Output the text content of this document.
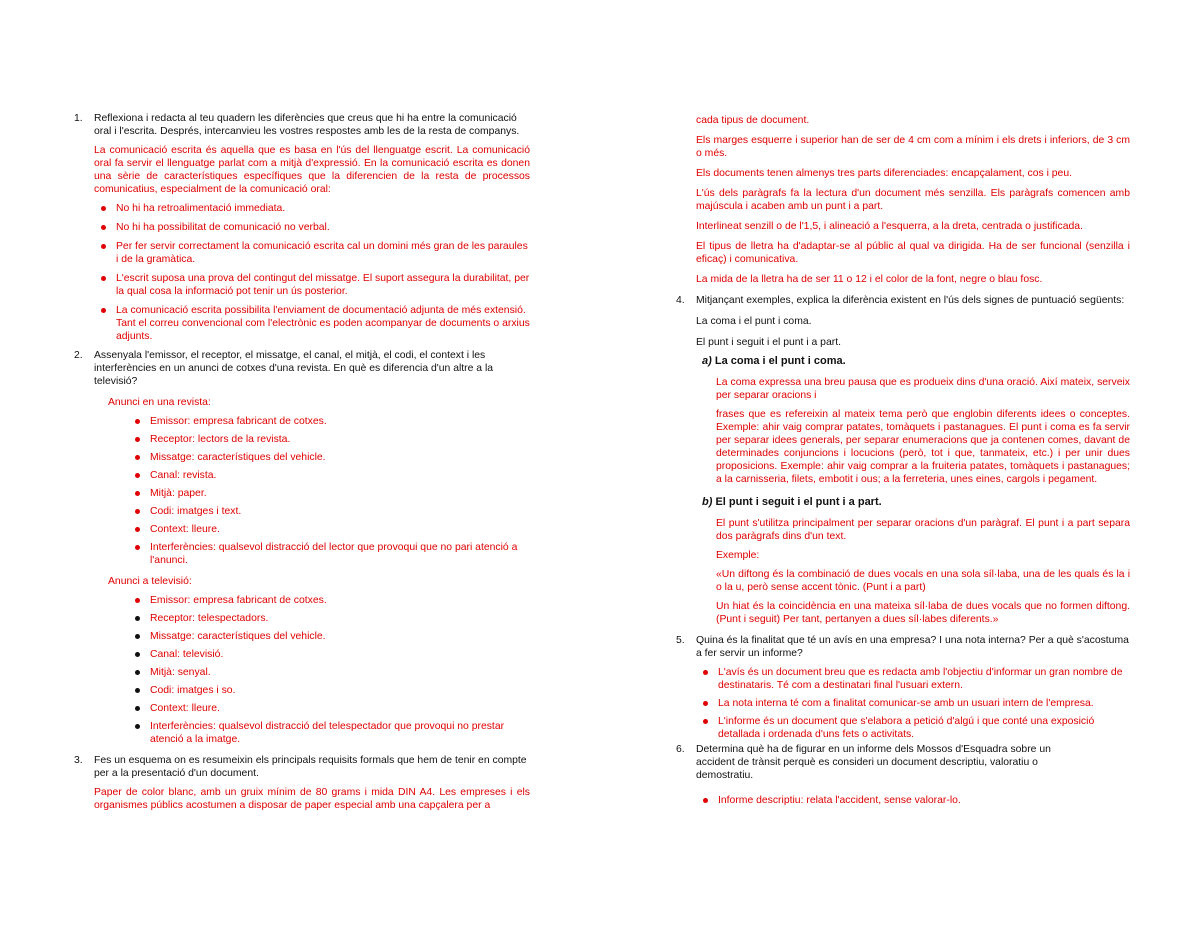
1. Reflexiona i redacta al teu quadern les diferències que creus que hi ha entre la comunicació oral i l'escrita. Després, intercanvieu les vostres respostes amb les de la resta de companys.
La comunicació escrita és aquella que es basa en l'ús del llenguatge escrit. La comunicació oral fa servir el llenguatge parlat com a mitjà d'expressió. En la comunicació escrita es donen una sèrie de característiques específiques que la diferencien de la resta de processos comunicatius, especialment de la comunicació oral:
No hi ha retroalimentació immediata.
No hi ha possibilitat de comunicació no verbal.
Per fer servir correctament la comunicació escrita cal un domini més gran de les paraules i de la gramàtica.
L'escrit suposa una prova del contingut del missatge. El suport assegura la durabilitat, per la qual cosa la informació pot tenir un ús posterior.
La comunicació escrita possibilita l'enviament de documentació adjunta de més extensió. Tant el correu convencional com l'electrònic es poden acompanyar de documents o arxius adjunts.
2. Assenyala l'emissor, el receptor, el missatge, el canal, el mitjà, el codi, el context i les interferències en un anunci de cotxes d'una revista. En què es diferencia d'un altre a la televisió?
Anunci en una revista:
Emissor: empresa fabricant de cotxes.
Receptor: lectors de la revista.
Missatge: característiques del vehicle.
Canal: revista.
Mitjà: paper.
Codi: imatges i text.
Context: lleure.
Interferències: qualsevol distracció del lector que provoqui que no pari atenció a l'anunci.
Anunci a televisió:
Emissor: empresa fabricant de cotxes.
Receptor: telespectadors.
Missatge: característiques del vehicle.
Canal: televisió.
Mitjà: senyal.
Codi: imatges i so.
Context: lleure.
Interferències: qualsevol distracció del telespectador que provoqui no prestar atenció a la imatge.
3. Fes un esquema on es resumeixin els principals requisits formals que hem de tenir en compte per a la presentació d'un document.
Paper de color blanc, amb un gruix mínim de 80 grams i mida DIN A4. Les empreses i els organismes públics acostumen a disposar de paper especial amb una capçalera per a
cada tipus de document.
Els marges esquerre i superior han de ser de 4 cm com a mínim i els drets i inferiors, de 3 cm o més.
Els documents tenen almenys tres parts diferenciades: encapçalament, cos i peu.
L'ús dels paràgrafs fa la lectura d'un document més senzilla. Els paràgrafs comencen amb majúscula i acaben amb un punt i a part.
Interlineat senzill o de l'1,5, i alineació a l'esquerra, a la dreta, centrada o justificada.
El tipus de lletra ha d'adaptar-se al públic al qual va dirigida. Ha de ser funcional (senzilla i eficaç) i comunicativa.
La mida de la lletra ha de ser 11 o 12 i el color de la font, negre o blau fosc.
4. Mitjançant exemples, explica la diferència existent en l'ús dels signes de puntuació següents:
La coma i el punt i coma.
El punt i seguit i el punt i a part.
a) La coma i el punt i coma.
La coma expressa una breu pausa que es produeix dins d'una oració. Així mateix, serveix per separar oracions i
frases que es refereixin al mateix tema però que englobin diferents idees o conceptes. Exemple: ahir vaig comprar patates, tomàquets i pastanagues. El punt i coma es fa servir per separar idees generals, per separar enumeracions que ja contenen comes, davant de determinades conjuncions i locucions (però, tot i que, tanmateix, etc.) i per unir dues proposicions. Exemple: ahir vaig comprar a la fruiteria patates, tomàquets i pastanagues; a la carnisseria, filets, embotit i ous; a la ferreteria, unes eines, cargols i pegament.
b) El punt i seguit i el punt i a part.
El punt s'utilitza principalment per separar oracions d'un paràgraf. El punt i a part separa dos paràgrafs dins d'un text.
Exemple:
«Un diftong és la combinació de dues vocals en una sola síl·laba, una de les quals és la i o la u, però sense accent tònic. (Punt i a part)
Un hiat és la coincidència en una mateixa síl·laba de dues vocals que no formen diftong. (Punt i seguit) Per tant, pertanyen a dues síl·labes diferents.»
5. Quina és la finalitat que té un avís en una empresa? I una nota interna? Per a què s'acostuma a fer servir un informe?
L'avís és un document breu que es redacta amb l'objectiu d'informar un gran nombre de destinataris. Té com a destinatari final l'usuari extern.
La nota interna té com a finalitat comunicar-se amb un usuari intern de l'empresa.
L'informe és un document que s'elabora a petició d'algú i que conté una exposició detallada i ordenada d'uns fets o activitats.
6. Determina què ha de figurar en un informe dels Mossos d'Esquadra sobre un accident de trànsit perquè es consideri un document descriptiu, valoratiu o demostratiu.
Informe descriptiu: relata l'accident, sense valorar-lo.
